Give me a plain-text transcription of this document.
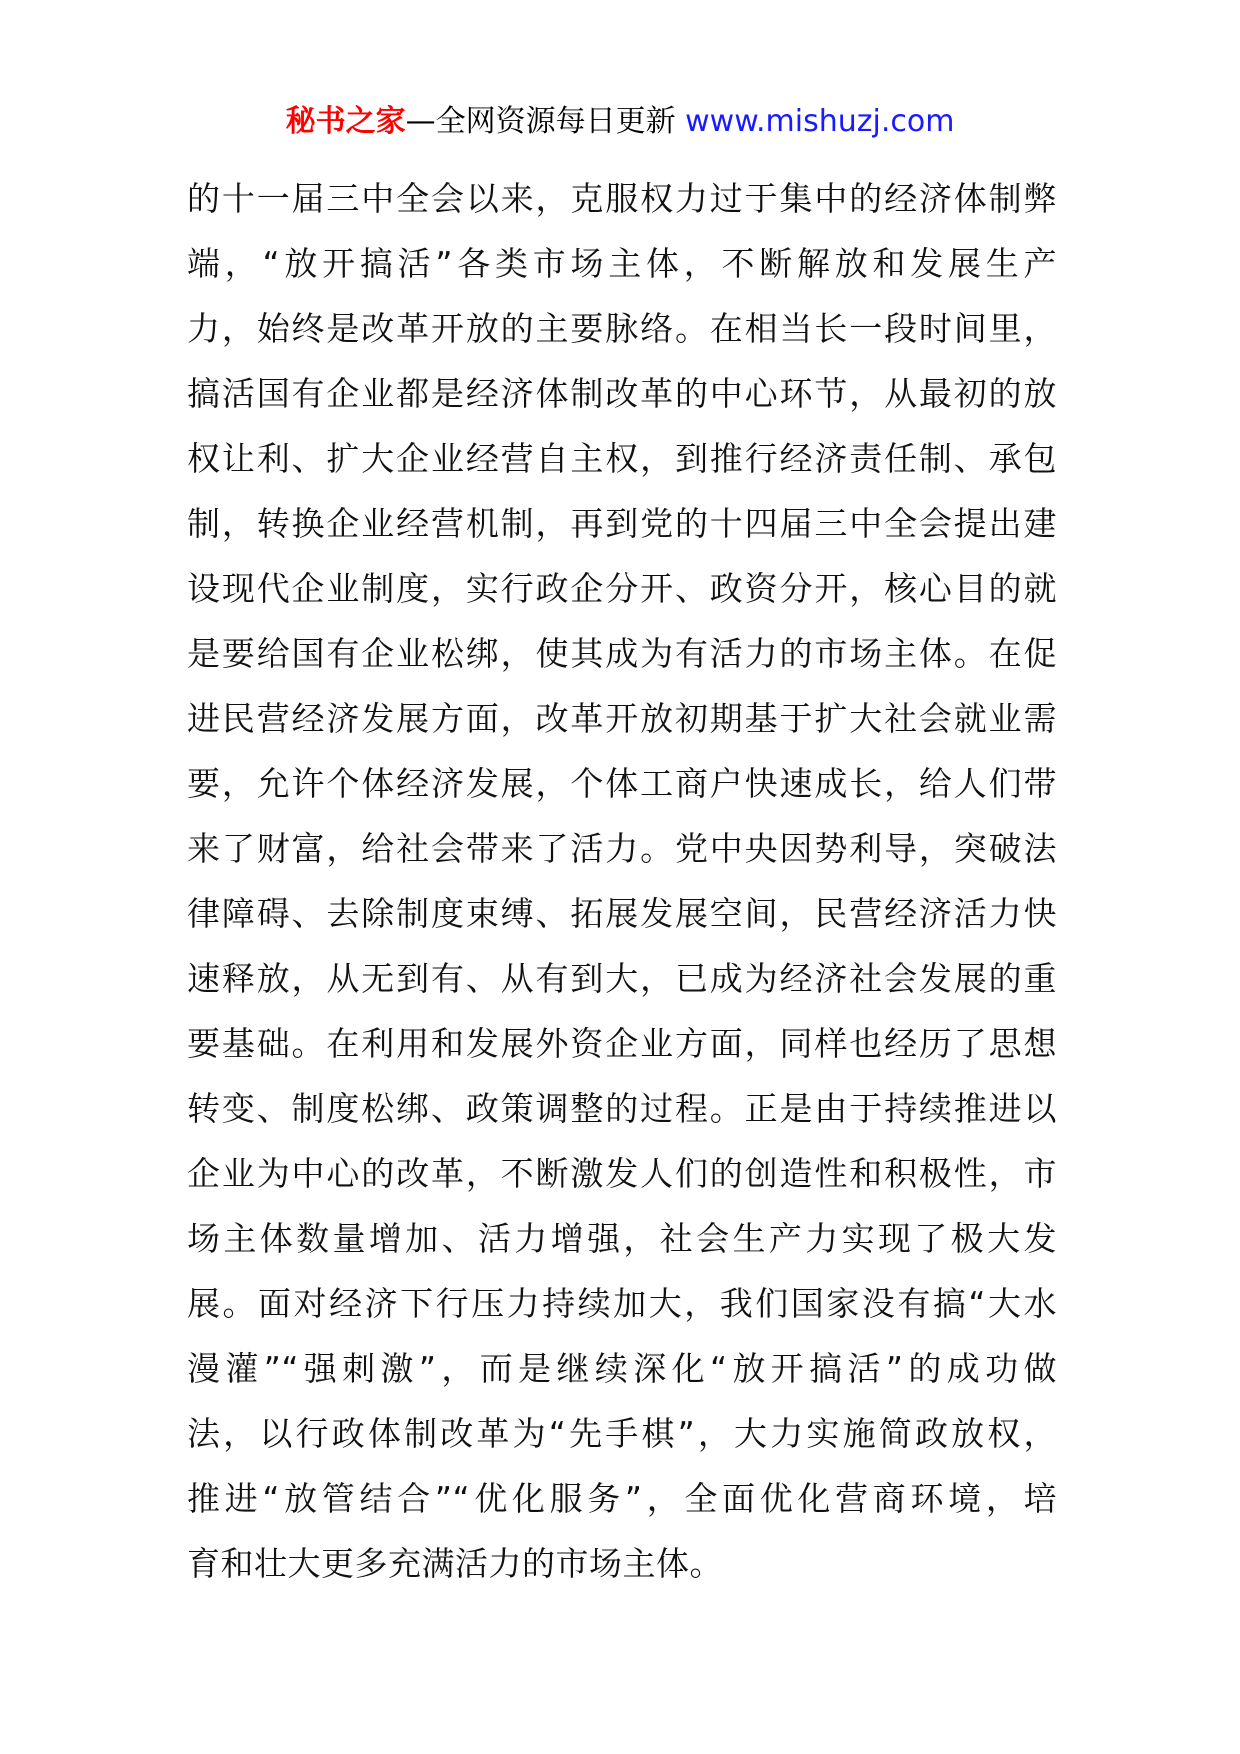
秘书之家—全网资源每日更新 www.mishuzj.com
的十一届三中全会以来，克服权力过于集中的经济体制弊
端，“放开搞活”各类市场主体，不断解放和发展生产
力，始终是改革开放的主要脉络。在相当长一段时间里，
搞活国有企业都是经济体制改革的中心环节，从最初的放
权让利、扩大企业经营自主权，到推行经济责任制、承包
制，转换企业经营机制，再到党的十四届三中全会提出建
设现代企业制度，实行政企分开、政资分开，核心目的就
是要给国有企业松绑，使其成为有活力的市场主体。在促
进民营经济发展方面，改革开放初期基于扩大社会就业需
要，允许个体经济发展，个体工商户快速成长，给人们带
来了财富，给社会带来了活力。党中央因势利导，突破法
律障碍、去除制度束缚、拓展发展空间，民营经济活力快
速释放，从无到有、从有到大，已成为经济社会发展的重
要基础。在利用和发展外资企业方面，同样也经历了思想
转变、制度松绑、政策调整的过程。正是由于持续推进以
企业为中心的改革，不断激发人们的创造性和积极性，市
场主体数量增加、活力增强，社会生产力实现了极大发
展。面对经济下行压力持续加大，我们国家没有搞“大水
漫灌”“强刺激”，而是继续深化“放开搞活”的成功做
法，以行政体制改革为“先手棋”，大力实施简政放权，
推进“放管结合”“优化服务”，全面优化营商环境，培
育和壮大更多充满活力的市场主体。
